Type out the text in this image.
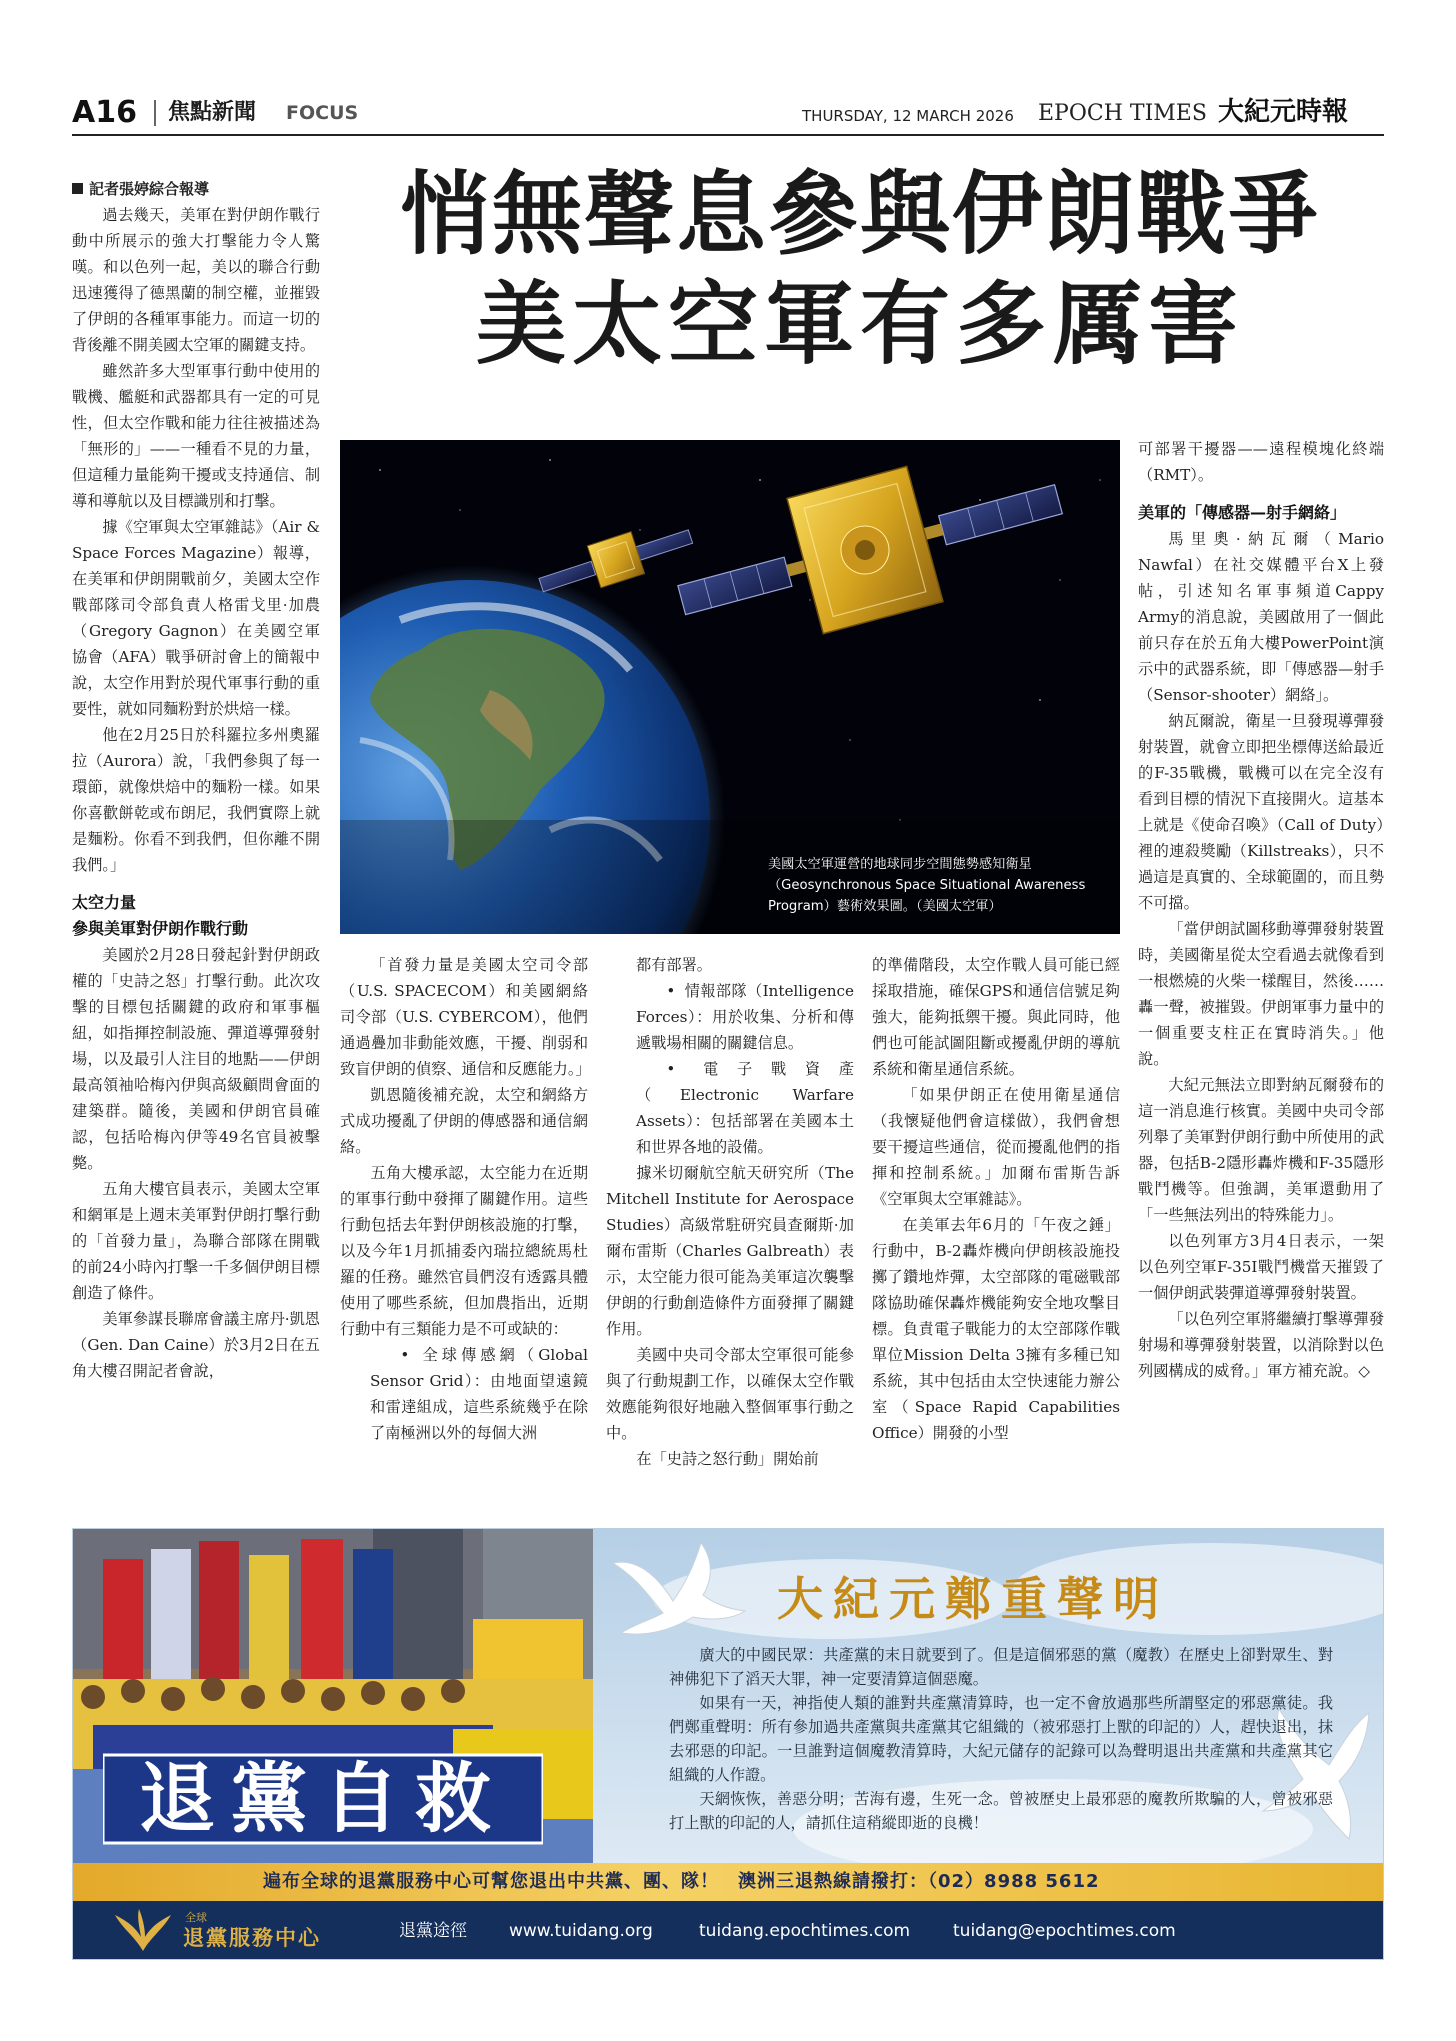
A16 焦點新聞 FOCUS	THURSDAY, 12 MARCH 2026 EPOCH TIMES 大紀元時報
悄無聲息參與伊朗戰爭
美太空軍有多厲害
記者張婷綜合報導

過去幾天，美軍在對伊朗作戰行動中所展示的強大打擊能力令人驚嘆。和以色列一起，美以的聯合行動迅速獲得了德黑蘭的制空權，並摧毀了伊朗的各種軍事能力。而這一切的背後離不開美國太空軍的關鍵支持。

雖然許多大型軍事行動中使用的戰機、艦艇和武器都具有一定的可見性，但太空作戰和能力往往被描述為「無形的」——一種看不見的力量，但這種力量能夠干擾或支持通信、制導和導航以及目標識別和打擊。

據《空軍與太空軍雜誌》（Air & Space Forces Magazine）報導，在美軍和伊朗開戰前夕，美國太空作戰部隊司令部負責人格雷戈里·加農（Gregory Gagnon）在美國空軍協會（AFA）戰爭研討會上的簡報中說，太空作用對於現代軍事行動的重要性，就如同麵粉對於烘焙一樣。

他在2月25日於科羅拉多州奧羅拉（Aurora）說，「我們參與了每一環節，就像烘焙中的麵粉一樣。如果你喜歡餅乾或布朗尼，我們實際上就是麵粉。你看不到我們，但你離不開我們。」

太空力量
參與美軍對伊朗作戰行動

美國於2月28日發起針對伊朗政權的「史詩之怒」打擊行動。此次攻擊的目標包括關鍵的政府和軍事樞紐，如指揮控制設施、彈道導彈發射場，以及最引人注目的地點——伊朗最高領袖哈梅內伊與高級顧問會面的建築群。隨後，美國和伊朗官員確認，包括哈梅內伊等49名官員被擊斃。

五角大樓官員表示，美國太空軍和網軍是上週末美軍對伊朗打擊行動的「首發力量」，為聯合部隊在開戰的前24小時內打擊一千多個伊朗目標創造了條件。

美軍參謀長聯席會議主席丹·凱恩（Gen. Dan Caine）於3月2日在五角大樓召開記者會說，

美國太空軍運營的地球同步空間態勢感知衛星
（Geosynchronous Space Situational Awareness
Program）藝術效果圖。（美國太空軍）

「首發力量是美國太空司令部（U.S. SPACECOM）和美國網絡司令部（U.S. CYBERCOM），他們通過疊加非動能效應，干擾、削弱和致盲伊朗的偵察、通信和反應能力。」

凱恩隨後補充說，太空和網絡方式成功擾亂了伊朗的傳感器和通信網絡。

五角大樓承認，太空能力在近期的軍事行動中發揮了關鍵作用。這些行動包括去年對伊朗核設施的打擊，以及今年1月抓捕委內瑞拉總統馬杜羅的任務。雖然官員們沒有透露具體使用了哪些系統，但加農指出，近期行動中有三類能力是不可或缺的：

• 全球傳感網（Global Sensor Grid）：由地面望遠鏡和雷達組成，這些系統幾乎在除了南極洲以外的每個大洲

都有部署。

• 情報部隊（Intelligence Forces）：用於收集、分析和傳遞戰場相關的關鍵信息。

• 電子戰資產（Electronic Warfare Assets）：包括部署在美國本土和世界各地的設備。

據米切爾航空航天研究所（The Mitchell Institute for Aerospace Studies）高級常駐研究員查爾斯·加爾布雷斯（Charles Galbreath）表示，太空能力很可能為美軍這次襲擊伊朗的行動創造條件方面發揮了關鍵作用。

美國中央司令部太空軍很可能參與了行動規劃工作，以確保太空作戰效應能夠很好地融入整個軍事行動之中。

在「史詩之怒行動」開始前

的準備階段，太空作戰人員可能已經採取措施，確保GPS和通信信號足夠強大，能夠抵禦干擾。與此同時，他們也可能試圖阻斷或擾亂伊朗的導航系統和衛星通信系統。

「如果伊朗正在使用衛星通信（我懷疑他們會這樣做），我們會想要干擾這些通信，從而擾亂他們的指揮和控制系統。」加爾布雷斯告訴《空軍與太空軍雜誌》。

在美軍去年6月的「午夜之錘」行動中，B-2轟炸機向伊朗核設施投擲了鑽地炸彈，太空部隊的電磁戰部隊協助確保轟炸機能夠安全地攻擊目標。負責電子戰能力的太空部隊作戰單位Mission Delta 3擁有多種已知系統，其中包括由太空快速能力辦公室（Space Rapid Capabilities Office）開發的小型

可部署干擾器——遠程模塊化終端（RMT）。

美軍的「傳感器—射手網絡」

馬里奧·納瓦爾（Mario Nawfal）在社交媒體平台X上發帖，引述知名軍事頻道Cappy Army的消息說，美國啟用了一個此前只存在於五角大樓PowerPoint演示中的武器系統，即「傳感器—射手（Sensor-shooter）網絡」。

納瓦爾說，衛星一旦發現導彈發射裝置，就會立即把坐標傳送給最近的F-35戰機，戰機可以在完全沒有看到目標的情況下直接開火。這基本上就是《使命召喚》（Call of Duty）裡的連殺獎勵（Killstreaks），只不過這是真實的、全球範圍的，而且勢不可擋。

「當伊朗試圖移動導彈發射裝置時，美國衛星從太空看過去就像看到一根燃燒的火柴一樣醒目，然後……轟一聲，被摧毀。伊朗軍事力量中的一個重要支柱正在實時消失。」他說。

大紀元無法立即對納瓦爾發布的這一消息進行核實。美國中央司令部列舉了美軍對伊朗行動中所使用的武器，包括B-2隱形轟炸機和F-35隱形戰鬥機等。但強調，美軍還動用了「一些無法列出的特殊能力」。

以色列軍方3月4日表示，一架以色列空軍F-35I戰鬥機當天摧毀了一個伊朗武裝彈道導彈發射裝置。

「以色列空軍將繼續打擊導彈發射場和導彈發射裝置，以消除對以色列國構成的威脅。」軍方補充說。◇

退黨自救
大紀元鄭重聲明

廣大的中國民眾：共產黨的末日就要到了。但是這個邪惡的黨（魔教）在歷史上卻對眾生、對神佛犯下了滔天大罪，神一定要清算這個惡魔。

如果有一天，神指使人類的誰對共產黨清算時，也一定不會放過那些所謂堅定的邪惡黨徒。我們鄭重聲明：所有參加過共產黨與共產黨其它組織的（被邪惡打上獸的印記的）人，趕快退出，抹去邪惡的印記。一旦誰對這個魔教清算時，大紀元儲存的記錄可以為聲明退出共產黨和共產黨其它組織的人作證。

天網恢恢，善惡分明；苦海有邊，生死一念。曾被歷史上最邪惡的魔教所欺騙的人，曾被邪惡打上獸的印記的人，請抓住這稍縱即逝的良機！

遍布全球的退黨服務中心可幫您退出中共黨、團、隊！　澳洲三退熱線請撥打：（02）8988 5612
全球
退黨服務中心	退黨途徑 www.tuidang.org	tuidang.epochtimes.com	tuidang@epochtimes.com
